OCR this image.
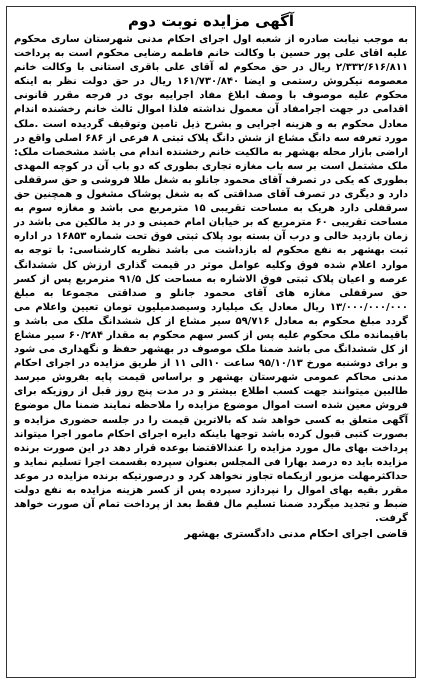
آگهی مزایده نوبت دوم

به موجب نیابت صادره از شعبه اول اجرای احکام مدنی شهرستان ساری محکوم علیه اقای علی پور حسین با وکالت خانم فاطمه رضایی محکوم است به پرداخت ۲/۳۳۲/۶۱۶/۸۱۱ ریال در حق محکوم له آقای علی باقری استانی با وکالت خانم معصومه نیکروش رستمی و ایضا ۱۶۱/۷۳۰/۸۴۰ ریال در حق دولت نظر به اینکه محکوم علیه موصوف با وصف ابلاغ مفاد اجراییه بوی در فرجه مقرر قانونی اقدامی در جهت اجرامفاد آن معمول نداشته فلذا اموال ثالث خانم رخشنده اندام معادل محکوم به و هزینه اجرایی و بشرح ذیل تامین وتوقیف گردیده است .ملک مورد تعرفه سه دانگ مشاع از شش دانگ پلاک ثبتی ۸ فرعی از ۶۸۶ اصلی واقع در اراضی بازار محله بهشهر به مالکیت خانم رخشنده اندام می باشد مشخصات ملک: ملک مشتمل است بر سه باب مغازه تجاری بطوری که دو باب آن در کوچه المهدی بطوری که یکی در تصرف آقای محمود جانلو به شغل طلا فروشی و حق سرقفلی دارد و دیگری در تصرف آقای صداقتی که به شغل پوشاک مشغول و همچنین حق سرقفلی دارد هریک به مساحت تقریبی ۱۵ مترمربع می باشد و مغازه سوم به مساحت تقریبی ۶۰ مترمربع که بر خیابان امام خمینی و در ید مالکین می باشد در زمان بازدید خالی و درب آن بسته بود پلاک ثبتی فوق تحت شماره ۱۶۸۵۳ در اداره ثبت بهشهر به نفع محکوم له بازداشت می باشد نظریه کارشناسی: با توجه به موارد اعلام شده فوق وکلیه عوامل موثر در قیمت گذاری ارزش کل ششدانگ عرصه و اعیان پلاک ثبتی فوق الاشاره به مساحت کل ۹۱/۵ مترمربع پس از کسر حق سرقفلی مغازه های آقای محمود جانلو و صداقتی مجموعا به مبلغ ۱۳/۰۰۰/۰۰۰/۰۰۰ ریال معادل یک میلیارد وسیصدمیلیون تومان تعیین واعلام می گردد مبلغ محکوم به معادل ۵۹/۷۱۶ سیر مشاع از کل ششدانگ ملک می باشد و باقیمانده ملک محکوم علیه پس از کسر سهم محکوم به مقدار ۶۰/۲۸۴ سیر مشاع از کل ششدانگ می باشد ضمنا ملک موصوف در بهشهر حفظ و نگهداری می شود و برای دوشنبه مورخ ۹۵/۱۰/۱۳ ساعت ۱۰الی ۱۱ از طریق مزایده در اجرای احکام مدنی محاکم عمومی شهرستان بهشهر و براساس قیمت پایه بفروش میرسد طالبین میتوانند جهت کسب اطلاع بیشتر و در مدت پنج روز قبل از روزیکه برای فروش معین شده است اموال موضوع مزایده را ملاحظه نمایند ضمنا مال موضوع آگهی متعلق به کسی خواهد شد که بالاترین قیمت را در جلسه حضوری مزایده و بصورت کتبی قبول کرده باشد توجها باینکه دایره اجرای احکام مامور اجرا میتواند پرداخت بهای مال مورد مزایده را عندالاقتضا بوعده قرار دهد در این صورت برنده مزایده باید ده درصد بهارا فی المجلس بعنوان سپرده بقسمت اجرا تسلیم نماید و حداکثرمهلت مزبور ازیکماه تجاوز نخواهد کرد و درصورتیکه برنده مزایده در موعد مقرر بقیه بهای اموال را نپردازد سپرده پس از کسر هزینه مزایده به نفع دولت ضبط و تجدید میگردد ضمنا تسلیم مال فقط بعد از پرداخت تمام آن صورت خواهد گرفت.

قاضی اجرای احکام مدنی دادگستری بهشهر
